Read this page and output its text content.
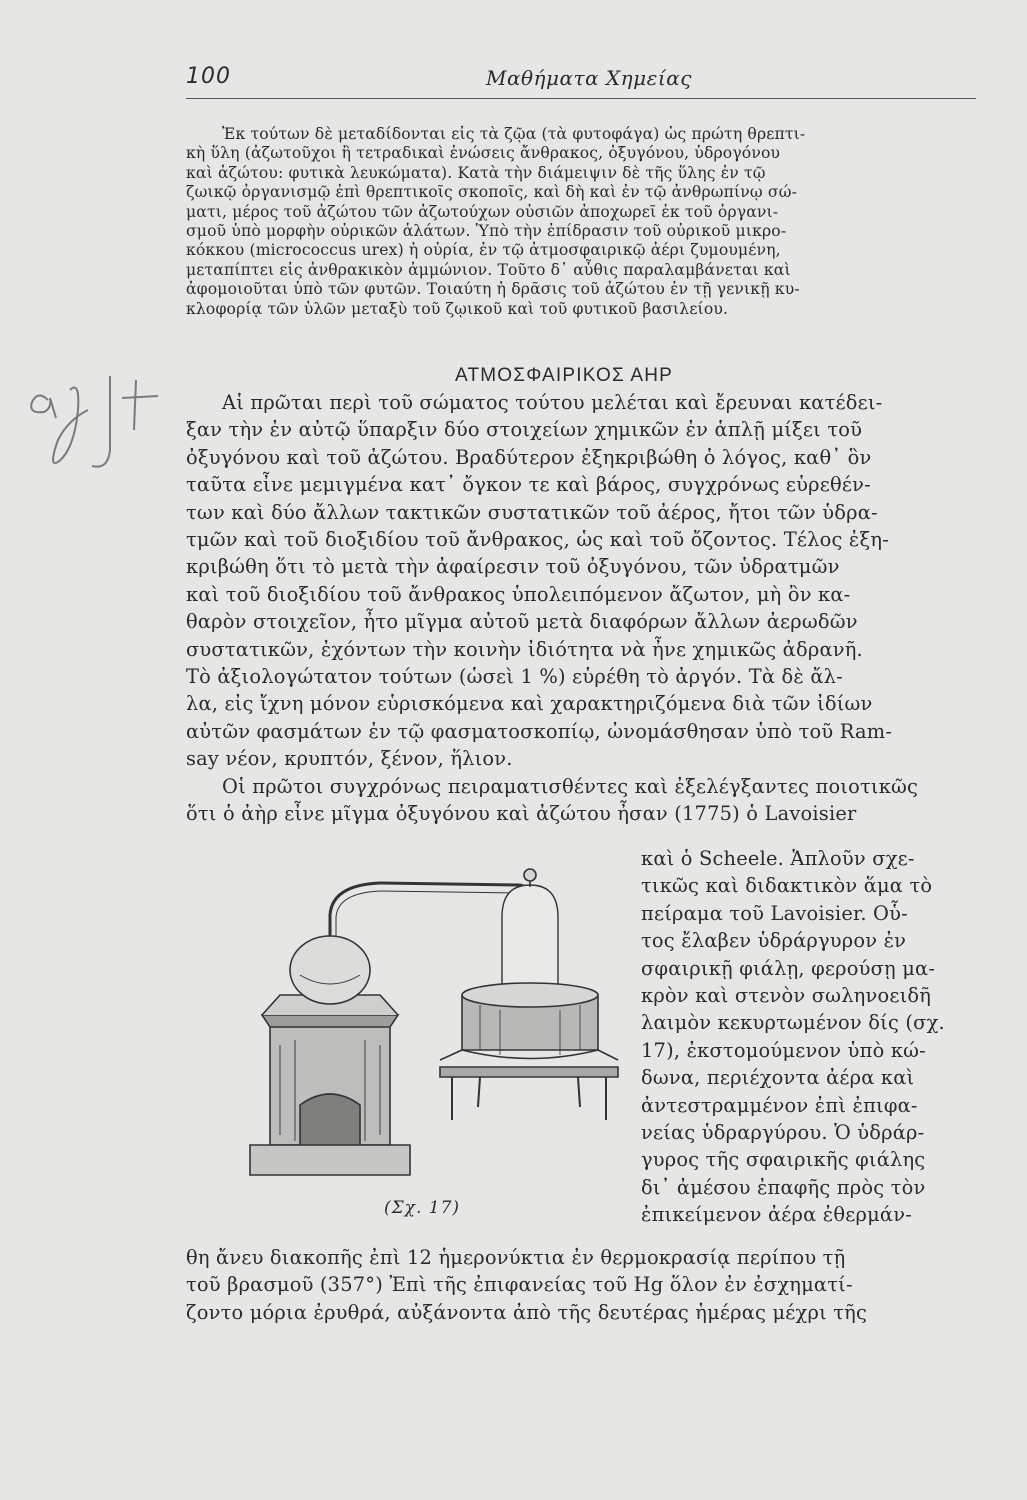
100	Μαθήματα Χημείας
Ἐκ τούτων δὲ μεταδίδονται εἰς τὰ ζῷα (τὰ φυτοφάγα) ὡς πρώτη θρεπτι-
κὴ ὕλη (ἀζωτοῦχοι ἢ τετραδικαὶ ἑνώσεις ἄνθρακος, ὀξυγόνου, ὑδρογόνου
καὶ ἀζώτου: φυτικὰ λευκώματα). Κατὰ τὴν διάμειψιν δὲ τῆς ὕλης ἐν τῷ
ζωικῷ ὀργανισμῷ ἐπὶ θρεπτικοῖς σκοποῖς, καὶ δὴ καὶ ἐν τῷ ἀνθρωπίνῳ σώ-
ματι, μέρος τοῦ ἀζώτου τῶν ἀζωτούχων οὐσιῶν ἀποχωρεῖ ἐκ τοῦ ὀργανι-
σμοῦ ὑπὸ μορφὴν οὐρικῶν ἁλάτων. Ὑπὸ τὴν ἐπίδρασιν τοῦ οὐρικοῦ μικρο-
κόκκου (micrococcus urex) ἡ οὐρία, ἐν τῷ ἀτμοσφαιρικῷ ἀέρι ζυμουμένη,
μεταπίπτει εἰς ἀνθρακικὸν ἀμμώνιον. Τοῦτο δ᾽ αὖθις παραλαμβάνεται καὶ
ἀφομοιοῦται ὑπὸ τῶν φυτῶν. Τοιαύτη ἡ δρᾶσις τοῦ ἀζώτου ἐν τῇ γενικῇ κυ-
κλοφορίᾳ τῶν ὑλῶν μεταξὺ τοῦ ζῳικοῦ καὶ τοῦ φυτικοῦ βασιλείου.
ΑΤΜΟΣΦΑΙΡΙΚΟΣ ΑΗΡ
Αἱ πρῶται περὶ τοῦ σώματος τούτου μελέται καὶ ἔρευναι κατέδει-
ξαν τὴν ἐν αὐτῷ ὕπαρξιν δύο στοιχείων χημικῶν ἐν ἁπλῇ μίξει τοῦ
ὀξυγόνου καὶ τοῦ ἀζώτου. Βραδύτερον ἐξηκριβώθη ὁ λόγος, καθ᾽ ὃν
ταῦτα εἶνε μεμιγμένα κατ᾽ ὄγκον τε καὶ βάρος, συγχρόνως εὑρεθέν-
των καὶ δύο ἄλλων τακτικῶν συστατικῶν τοῦ ἀέρος, ἤτοι τῶν ὑδρα-
τμῶν καὶ τοῦ διοξιδίου τοῦ ἄνθρακος, ὡς καὶ τοῦ ὄζοντος. Τέλος ἐξη-
κριβώθη ὅτι τὸ μετὰ τὴν ἀφαίρεσιν τοῦ ὀξυγόνου, τῶν ὑδρατμῶν
καὶ τοῦ διοξιδίου τοῦ ἄνθρακος ὑπολειπόμενον ἄζωτον, μὴ ὂν κα-
θαρὸν στοιχεῖον, ἦτο μῖγμα αὐτοῦ μετὰ διαφόρων ἄλλων ἀερωδῶν
συστατικῶν, ἐχόντων τὴν κοινὴν ἰδιότητα νὰ ἦνε χημικῶς ἀδρανῆ.
Τὸ ἀξιολογώτατον τούτων (ὡσεὶ 1 %) εὑρέθη τὸ ἀργόν. Τὰ δὲ ἄλ-
λα, εἰς ἴχνη μόνον εὑρισκόμενα καὶ χαρακτηριζόμενα διὰ τῶν ἰδίων
αὐτῶν φασμάτων ἐν τῷ φασματοσκοπίῳ, ὠνομάσθησαν ὑπὸ τοῦ Ram-
say νέον, κρυπτόν, ξένον, ἥλιον.
Οἱ πρῶτοι συγχρόνως πειραματισθέντες καὶ ἐξελέγξαντες ποιοτικῶς
ὅτι ὁ ἀὴρ εἶνε μῖγμα ὀξυγόνου καὶ ἀζώτου ἦσαν (1775) ὁ Lavoisier
καὶ ὁ Scheele. Ἁπλοῦν σχε-
τικῶς καὶ διδακτικὸν ἅμα τὸ
πείραμα τοῦ Lavoisier. Οὗ-
τος ἔλαβεν ὑδράργυρον ἐν
σφαιρικῇ φιάλῃ, φερούσῃ μα-
κρὸν καὶ στενὸν σωληνοειδῆ
λαιμὸν κεκυρτωμένον δίς (σχ.
17), ἐκστομούμενον ὑπὸ κώ-
δωνα, περιέχοντα ἀέρα καὶ
ἀντεστραμμένον ἐπὶ ἐπιφα-
νείας ὑδραργύρου. Ὁ ὑδράρ-
γυρος τῆς σφαιρικῆς φιάλης
δι᾽ ἀμέσου ἐπαφῆς πρὸς τὸν
ἐπικείμενον ἀέρα ἐθερμάν-
(Σχ. 17)
θη ἄνευ διακοπῆς ἐπὶ 12 ἡμερονύκτια ἐν θερμοκρασίᾳ περίπου τῇ
τοῦ βρασμοῦ (357°) Ἐπὶ τῆς ἐπιφανείας τοῦ Hg ὅλον ἐν ἐσχηματί-
ζοντο μόρια ἐρυθρά, αὐξάνοντα ἀπὸ τῆς δευτέρας ἡμέρας μέχρι τῆς
